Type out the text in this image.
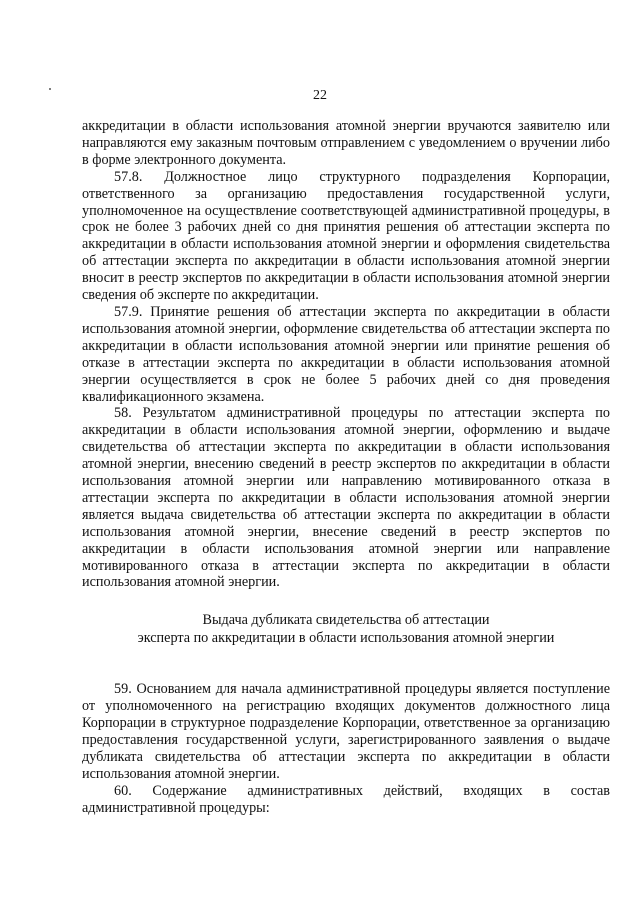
22

аккредитации в области использования атомной энергии вручаются заявителю или направляются ему заказным почтовым отправлением с уведомлением о вручении либо в форме электронного документа.

57.8. Должностное лицо структурного подразделения Корпорации, ответственного за организацию предоставления государственной услуги, уполномоченное на осуществление соответствующей административной процедуры, в срок не более 3 рабочих дней со дня принятия решения об аттестации эксперта по аккредитации в области использования атомной энергии и оформления свидетельства об аттестации эксперта по аккредитации в области использования атомной энергии вносит в реестр экспертов по аккредитации в области использования атомной энергии сведения об эксперте по аккредитации.

57.9. Принятие решения об аттестации эксперта по аккредитации в области использования атомной энергии, оформление свидетельства об аттестации эксперта по аккредитации в области использования атомной энергии или принятие решения об отказе в аттестации эксперта по аккредитации в области использования атомной энергии осуществляется в срок не более 5 рабочих дней со дня проведения квалификационного экзамена.

58. Результатом административной процедуры по аттестации эксперта по аккредитации в области использования атомной энергии, оформлению и выдаче свидетельства об аттестации эксперта по аккредитации в области использования атомной энергии, внесению сведений в реестр экспертов по аккредитации в области использования атомной энергии или направлению мотивированного отказа в аттестации эксперта по аккредитации в области использования атомной энергии является выдача свидетельства об аттестации эксперта по аккредитации в области использования атомной энергии, внесение сведений в реестр экспертов по аккредитации в области использования атомной энергии или направление мотивированного отказа в аттестации эксперта по аккредитации в области использования атомной энергии.

Выдача дубликата свидетельства об аттестации
эксперта по аккредитации в области использования атомной энергии

59. Основанием для начала административной процедуры является поступление от уполномоченного на регистрацию входящих документов должностного лица Корпорации в структурное подразделение Корпорации, ответственное за организацию предоставления государственной услуги, зарегистрированного заявления о выдаче дубликата свидетельства об аттестации эксперта по аккредитации в области использования атомной энергии.

60. Содержание административных действий, входящих в состав административной процедуры:
